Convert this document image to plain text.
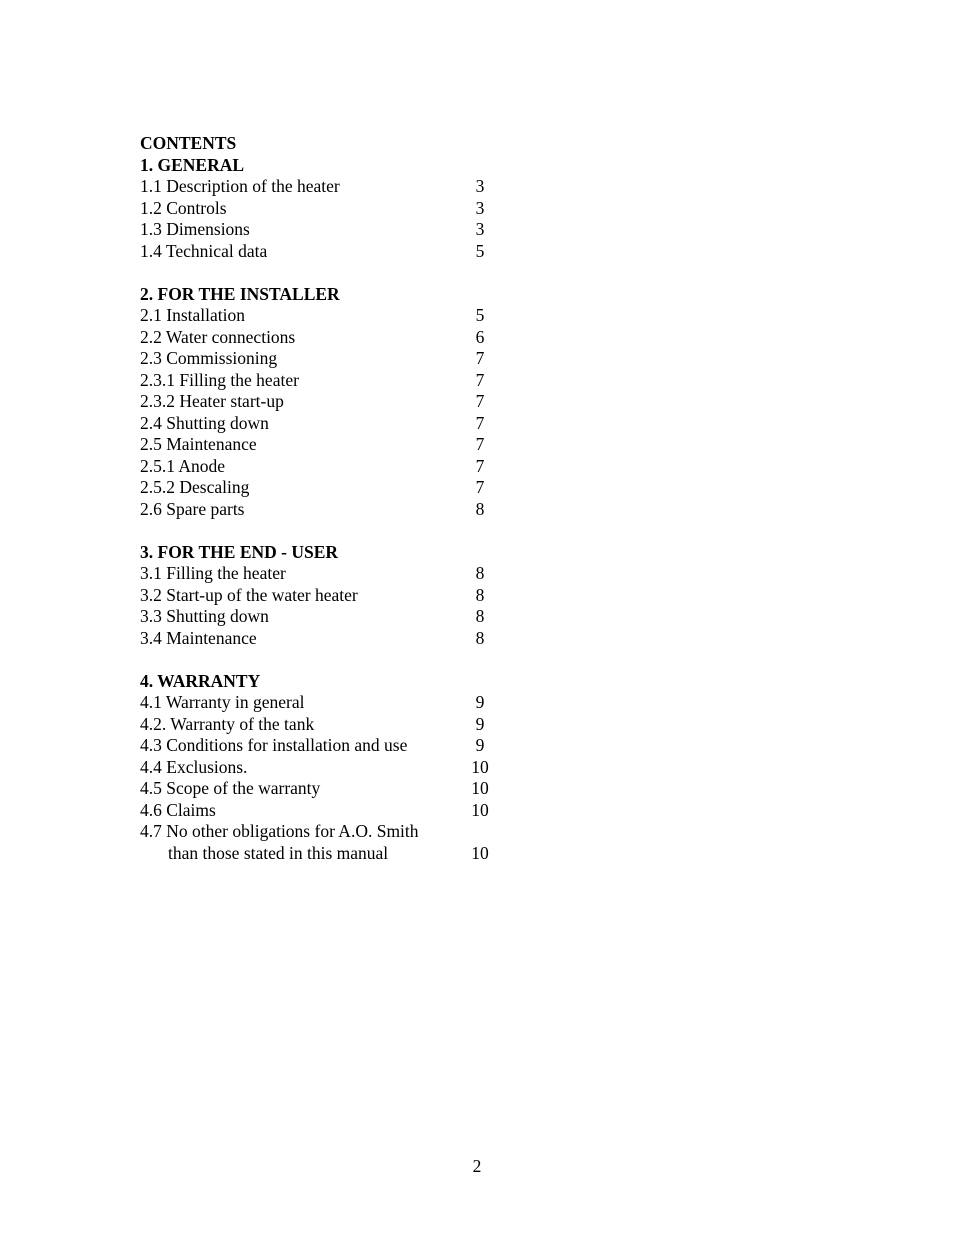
CONTENTS
1. GENERAL
1.1 Description of the heater	3
1.2 Controls	3
1.3 Dimensions	3
1.4 Technical data	5
2. FOR THE INSTALLER
2.1 Installation	5
2.2 Water connections	6
2.3 Commissioning	7
2.3.1 Filling the heater	7
2.3.2 Heater start-up	7
2.4 Shutting down	7
2.5 Maintenance	7
2.5.1 Anode	7
2.5.2 Descaling	7
2.6 Spare parts	8
3. FOR THE END - USER
3.1 Filling the heater	8
3.2 Start-up of the water heater	8
3.3 Shutting down	8
3.4 Maintenance	8
4. WARRANTY
4.1 Warranty in general	9
4.2. Warranty of the tank	9
4.3 Conditions for installation and use	9
4.4 Exclusions.	10
4.5 Scope of the warranty	10
4.6 Claims	10
4.7 No other obligations for A.O. Smith
than those stated in this manual	10
2
